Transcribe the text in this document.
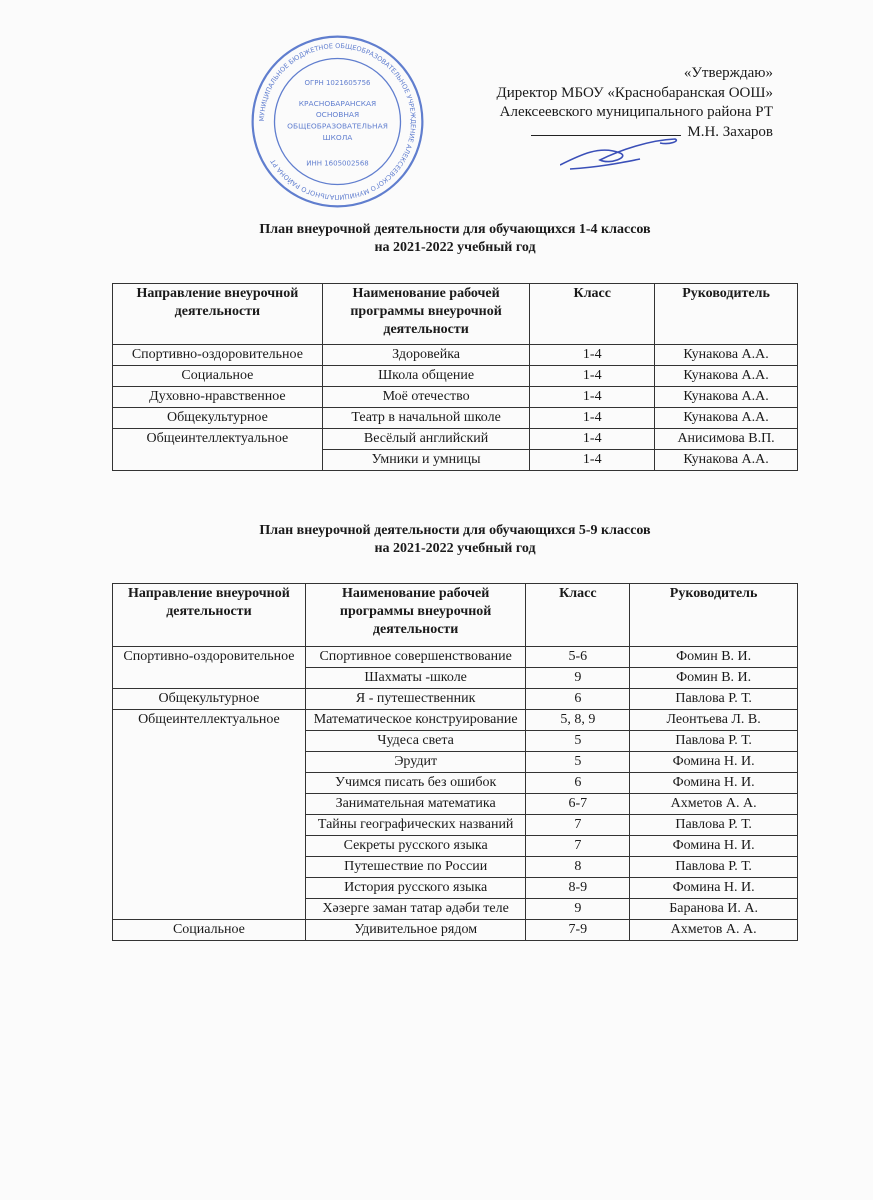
МУНИЦИПАЛЬНОЕ БЮДЖЕТНОЕ ОБЩЕОБРАЗОВАТЕЛЬНОЕ УЧРЕЖДЕНИЕ АЛЕКСЕЕВСКОГО МУНИЦИПАЛЬНОГО РАЙОНА РТ
ОГРН 1021605756
КРАСНОБАРАНСКАЯ ОСНОВНАЯ ОБЩЕОБРАЗОВАТЕЛЬНАЯ ШКОЛА
ИНН 1605002568
«Утверждаю»
Директор МБОУ «Краснобаранская ООШ»
Алексеевского муниципального района РТ
М.Н. Захаров
План внеурочной деятельности для обучающихся 1-4 классов
на 2021-2022 учебный год
Направление внеурочной деятельности	Наименование рабочей программы внеурочной деятельности	Класс	Руководитель
Спортивно-оздоровительное	Здоровейка	1-4	Кунакова А.А.
Социальное	Школа общение	1-4	Кунакова А.А.
Духовно-нравственное	Моё отечество	1-4	Кунакова А.А.
Общекультурное	Театр в начальной школе	1-4	Кунакова А.А.
Общеинтеллектуальное	Весёлый английский	1-4	Анисимова В.П.
	Умники и умницы	1-4	Кунакова А.А.
План внеурочной деятельности для обучающихся 5-9 классов
на 2021-2022 учебный год
Направление внеурочной деятельности	Наименование рабочей программы внеурочной деятельности	Класс	Руководитель
Спортивно-оздоровительное	Спортивное совершенствование	5-6	Фомин В. И.
	Шахматы -школе	9	Фомин В. И.
Общекультурное	Я - путешественник	6	Павлова Р. Т.
Общеинтеллектуальное	Математическое конструирование	5, 8, 9	Леонтьева Л. В.
	Чудеса света	5	Павлова Р. Т.
	Эрудит	5	Фомина Н. И.
	Учимся писать без ошибок	6	Фомина Н. И.
	Занимательная математика	6-7	Ахметов А. А.
	Тайны географических названий	7	Павлова Р. Т.
	Секреты русского языка	7	Фомина Н. И.
	Путешествие по России	8	Павлова Р. Т.
	История русского языка	8-9	Фомина Н. И.
	Хәзерге заман татар әдәби теле	9	Баранова И. А.
Социальное	Удивительное рядом	7-9	Ахметов А. А.
